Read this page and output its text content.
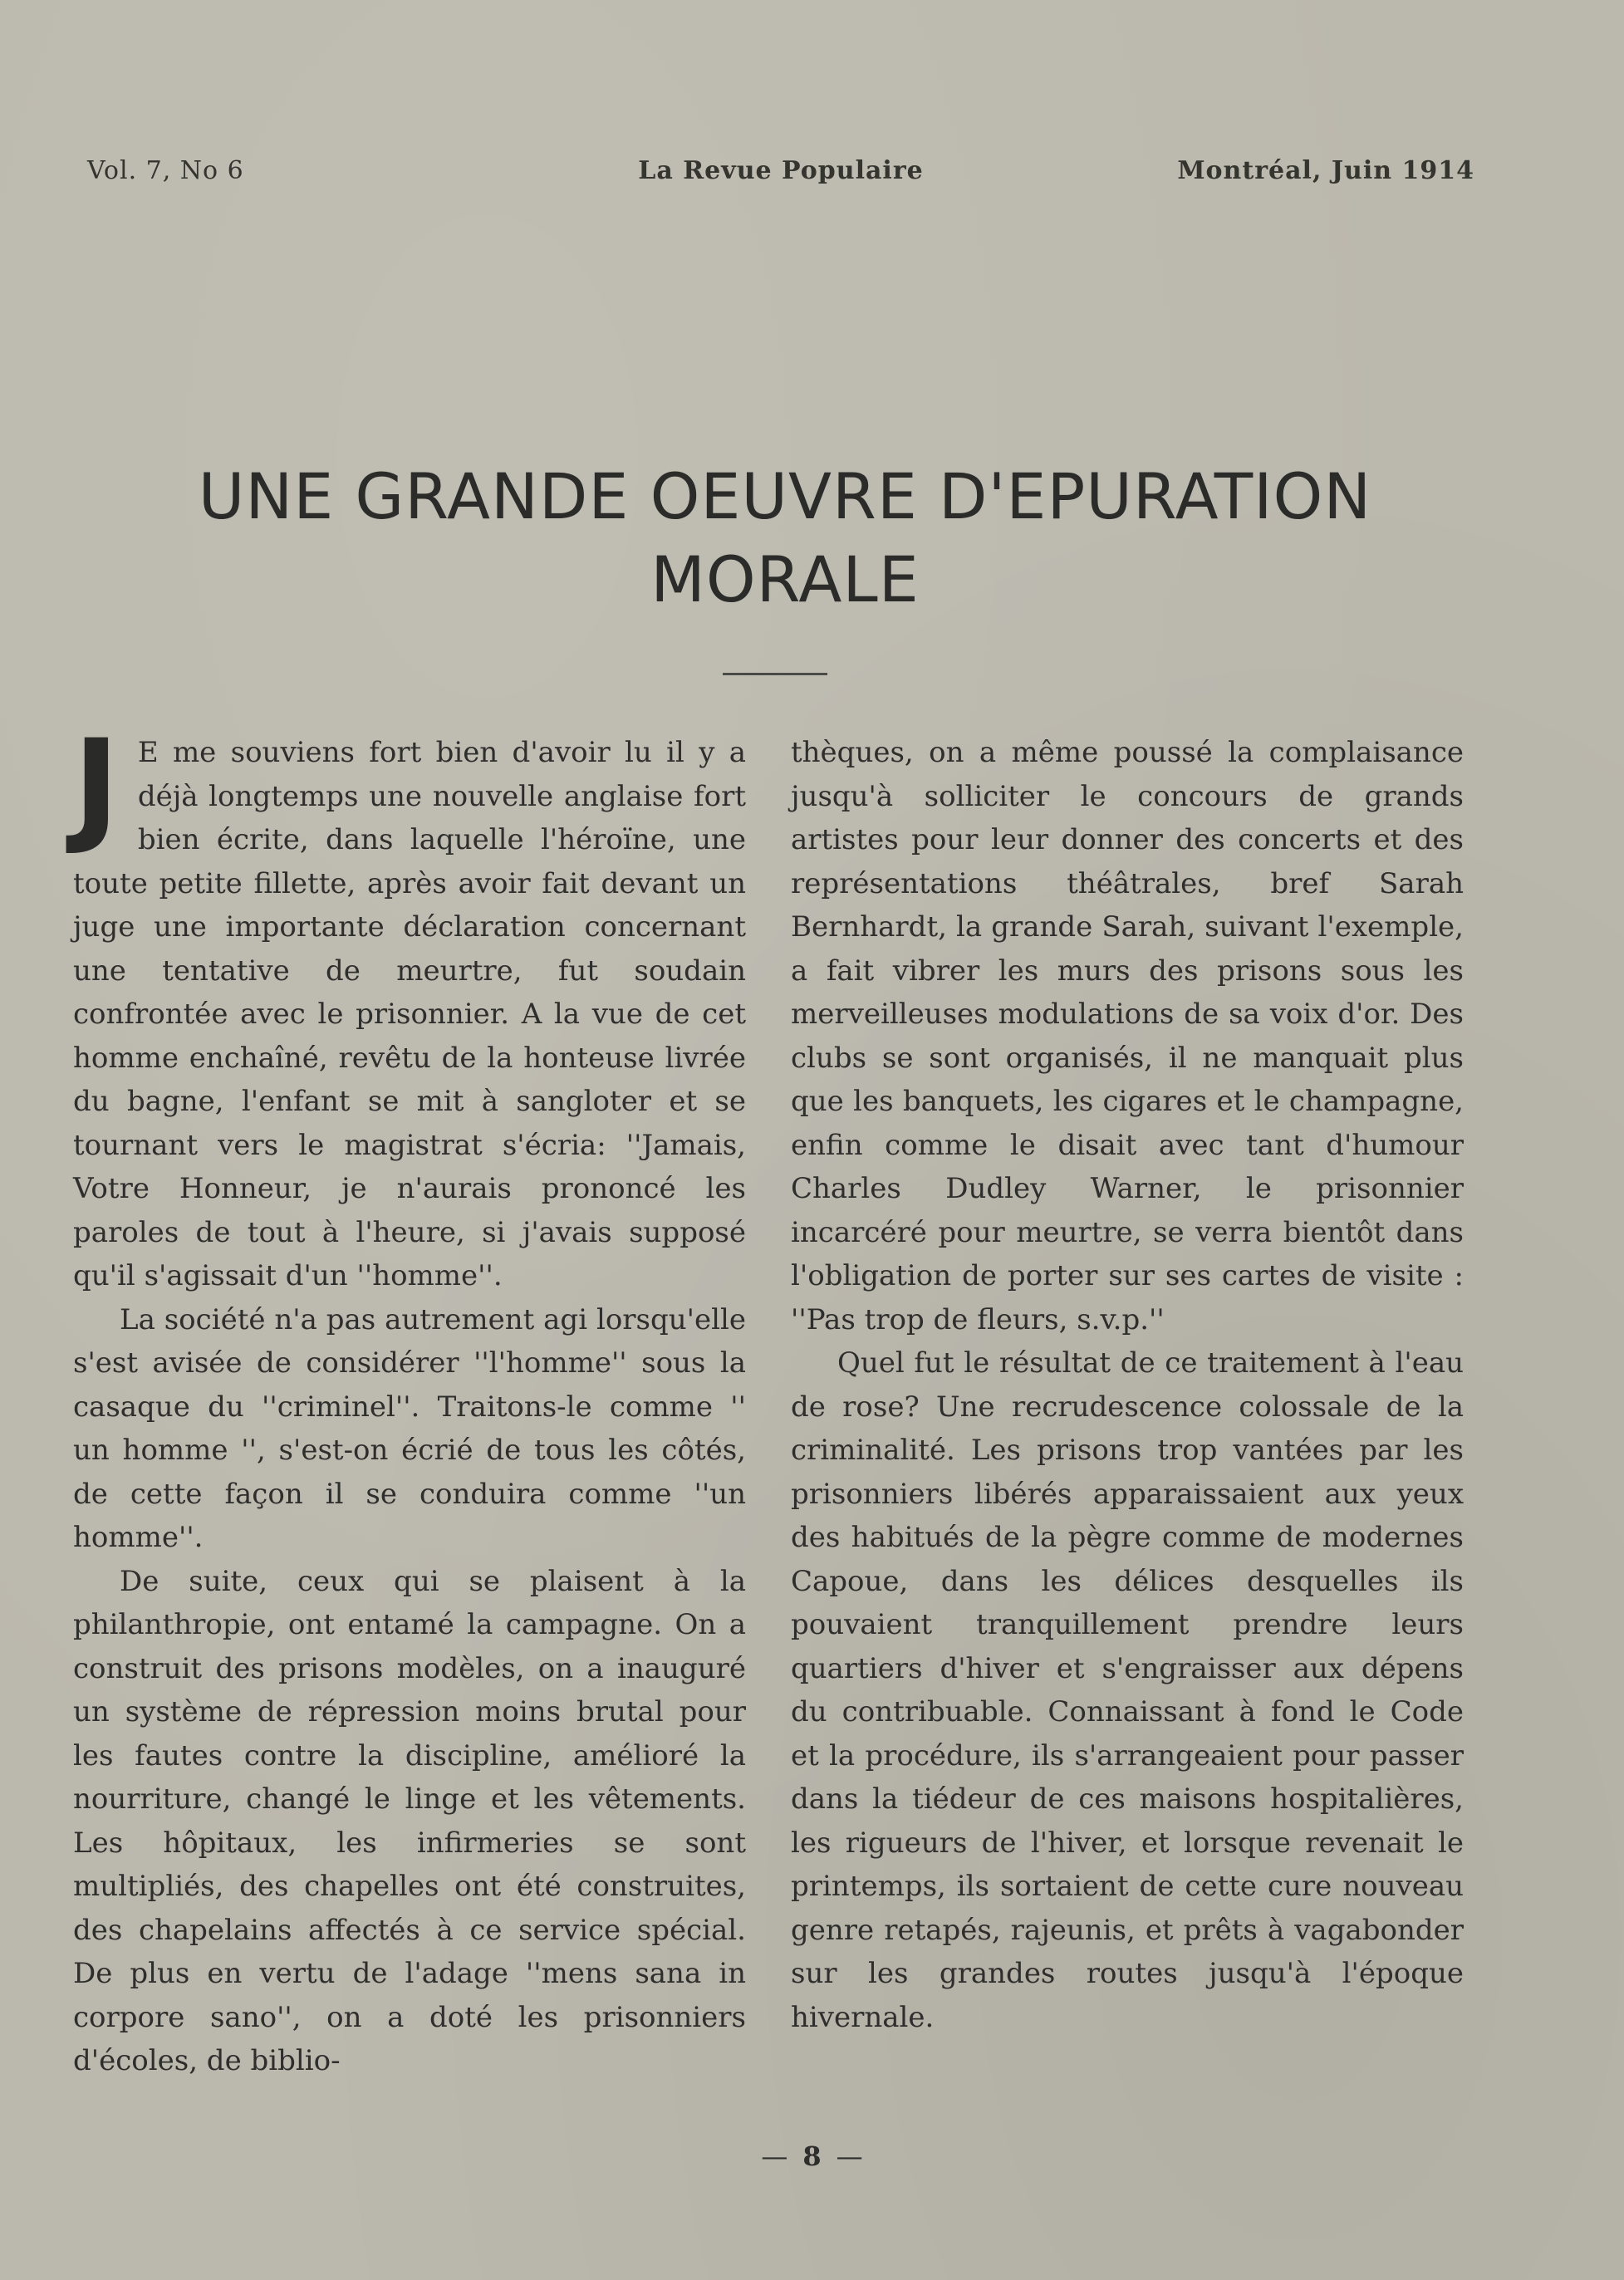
Vol. 7, No 6	La Revue Populaire	Montréal, Juin 1914
UNE GRANDE OEUVRE D'EPURATION
MORALE

J E me souviens fort bien d'avoir lu il y a déjà longtemps une nouvelle anglaise fort bien écrite, dans laquelle l'héroïne, une toute petite fillette, après avoir fait devant un juge une importante déclaration concernant une tentative de meurtre, fut soudain confrontée avec le prisonnier. A la vue de cet homme enchaîné, revêtu de la honteuse livrée du bagne, l'enfant se mit à sangloter et se tournant vers le magistrat s'écria: ''Jamais, Votre Honneur, je n'aurais prononcé les paroles de tout à l'heure, si j'avais supposé qu'il s'agissait d'un ''homme''.

La société n'a pas autrement agi lorsqu'elle s'est avisée de considérer ''l'homme'' sous la casaque du ''criminel''. Traitons-le comme '' un homme '', s'est-on écrié de tous les côtés, de cette façon il se conduira comme ''un homme''.

De suite, ceux qui se plaisent à la philanthropie, ont entamé la campagne. On a construit des prisons modèles, on a inauguré un système de répression moins brutal pour les fautes contre la discipline, amélioré la nourriture, changé le linge et les vêtements. Les hôpitaux, les infirmeries se sont multipliés, des chapelles ont été construites, des chapelains affectés à ce service spécial. De plus en vertu de l'adage ''mens sana in corpore sano'', on a doté les prisonniers d'écoles, de biblio-

thèques, on a même poussé la complaisance jusqu'à solliciter le concours de grands artistes pour leur donner des concerts et des représentations théâtrales, bref Sarah Bernhardt, la grande Sarah, suivant l'exemple, a fait vibrer les murs des prisons sous les merveilleuses modulations de sa voix d'or. Des clubs se sont organisés, il ne manquait plus que les banquets, les cigares et le champagne, enfin comme le disait avec tant d'humour Charles Dudley Warner, le prisonnier incarcéré pour meurtre, se verra bientôt dans l'obligation de porter sur ses cartes de visite : ''Pas trop de fleurs, s.v.p.''

Quel fut le résultat de ce traitement à l'eau de rose? Une recrudescence colossale de la criminalité. Les prisons trop vantées par les prisonniers libérés apparaissaient aux yeux des habitués de la pègre comme de modernes Capoue, dans les délices desquelles ils pouvaient tranquillement prendre leurs quartiers d'hiver et s'engraisser aux dépens du contribuable. Connaissant à fond le Code et la procédure, ils s'arrangeaient pour passer dans la tiédeur de ces maisons hospitalières, les rigueurs de l'hiver, et lorsque revenait le printemps, ils sortaient de cette cure nouveau genre retapés, rajeunis, et prêts à vagabonder sur les grandes routes jusqu'à l'époque hivernale.

— 8 —
